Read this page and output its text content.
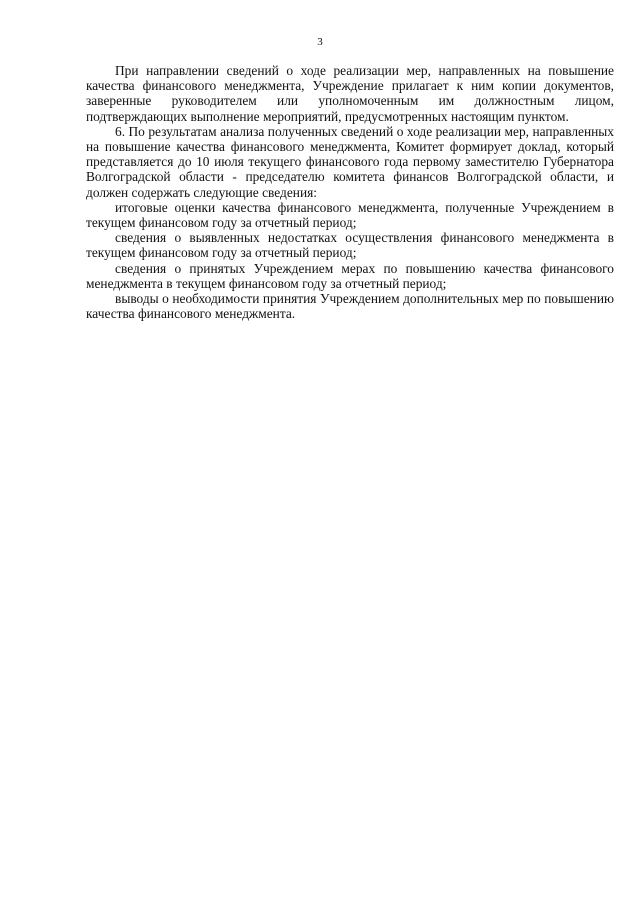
3

При направлении сведений о ходе реализации мер, направленных на повышение качества финансового менеджмента, Учреждение прилагает к ним копии документов, заверенные руководителем или уполномоченным им должностным лицом, подтверждающих выполнение мероприятий, предусмотренных настоящим пунктом.

6. По результатам анализа полученных сведений о ходе реализации мер, направленных на повышение качества финансового менеджмента, Комитет формирует доклад, который представляется до 10 июля текущего финансового года первому заместителю Губернатора Волгоградской области - председателю комитета финансов Волгоградской области, и должен содержать следующие сведения:

итоговые оценки качества финансового менеджмента, полученные Учреждением в текущем финансовом году за отчетный период;

сведения о выявленных недостатках осуществления финансового менеджмента в текущем финансовом году за отчетный период;

сведения о принятых Учреждением мерах по повышению качества финансового менеджмента в текущем финансовом году за отчетный период;

выводы о необходимости принятия Учреждением дополнительных мер по повышению качества финансового менеджмента.
